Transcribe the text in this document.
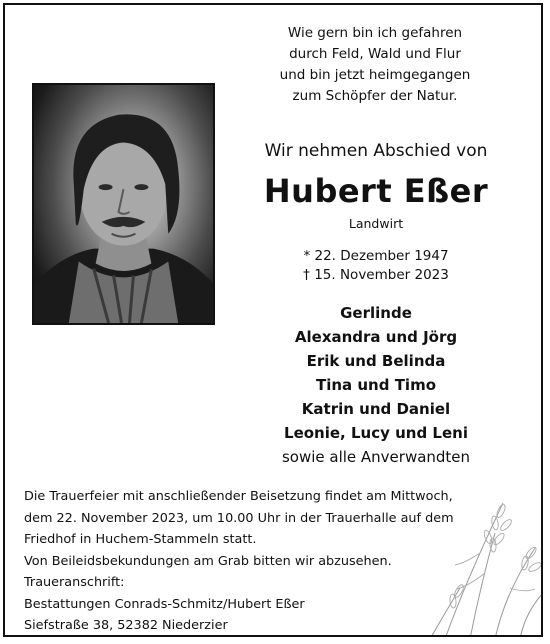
Wie gern bin ich gefahren
durch Feld, Wald und Flur
und bin jetzt heimgegangen
zum Schöpfer der Natur.
Wir nehmen Abschied von
Hubert Eßer
Landwirt
* 22. Dezember 1947
† 15. November 2023
Gerlinde
Alexandra und Jörg
Erik und Belinda
Tina und Timo
Katrin und Daniel
Leonie, Lucy und Leni
sowie alle Anverwandten
Die Trauerfeier mit anschließender Beisetzung findet am Mittwoch,
dem 22. November 2023, um 10.00 Uhr in der Trauerhalle auf dem
Friedhof in Huchem-Stammeln statt.
Von Beileidsbekundungen am Grab bitten wir abzusehen.
Traueranschrift:
Bestattungen Conrads-Schmitz/Hubert Eßer
Siefstraße 38, 52382 Niederzier
